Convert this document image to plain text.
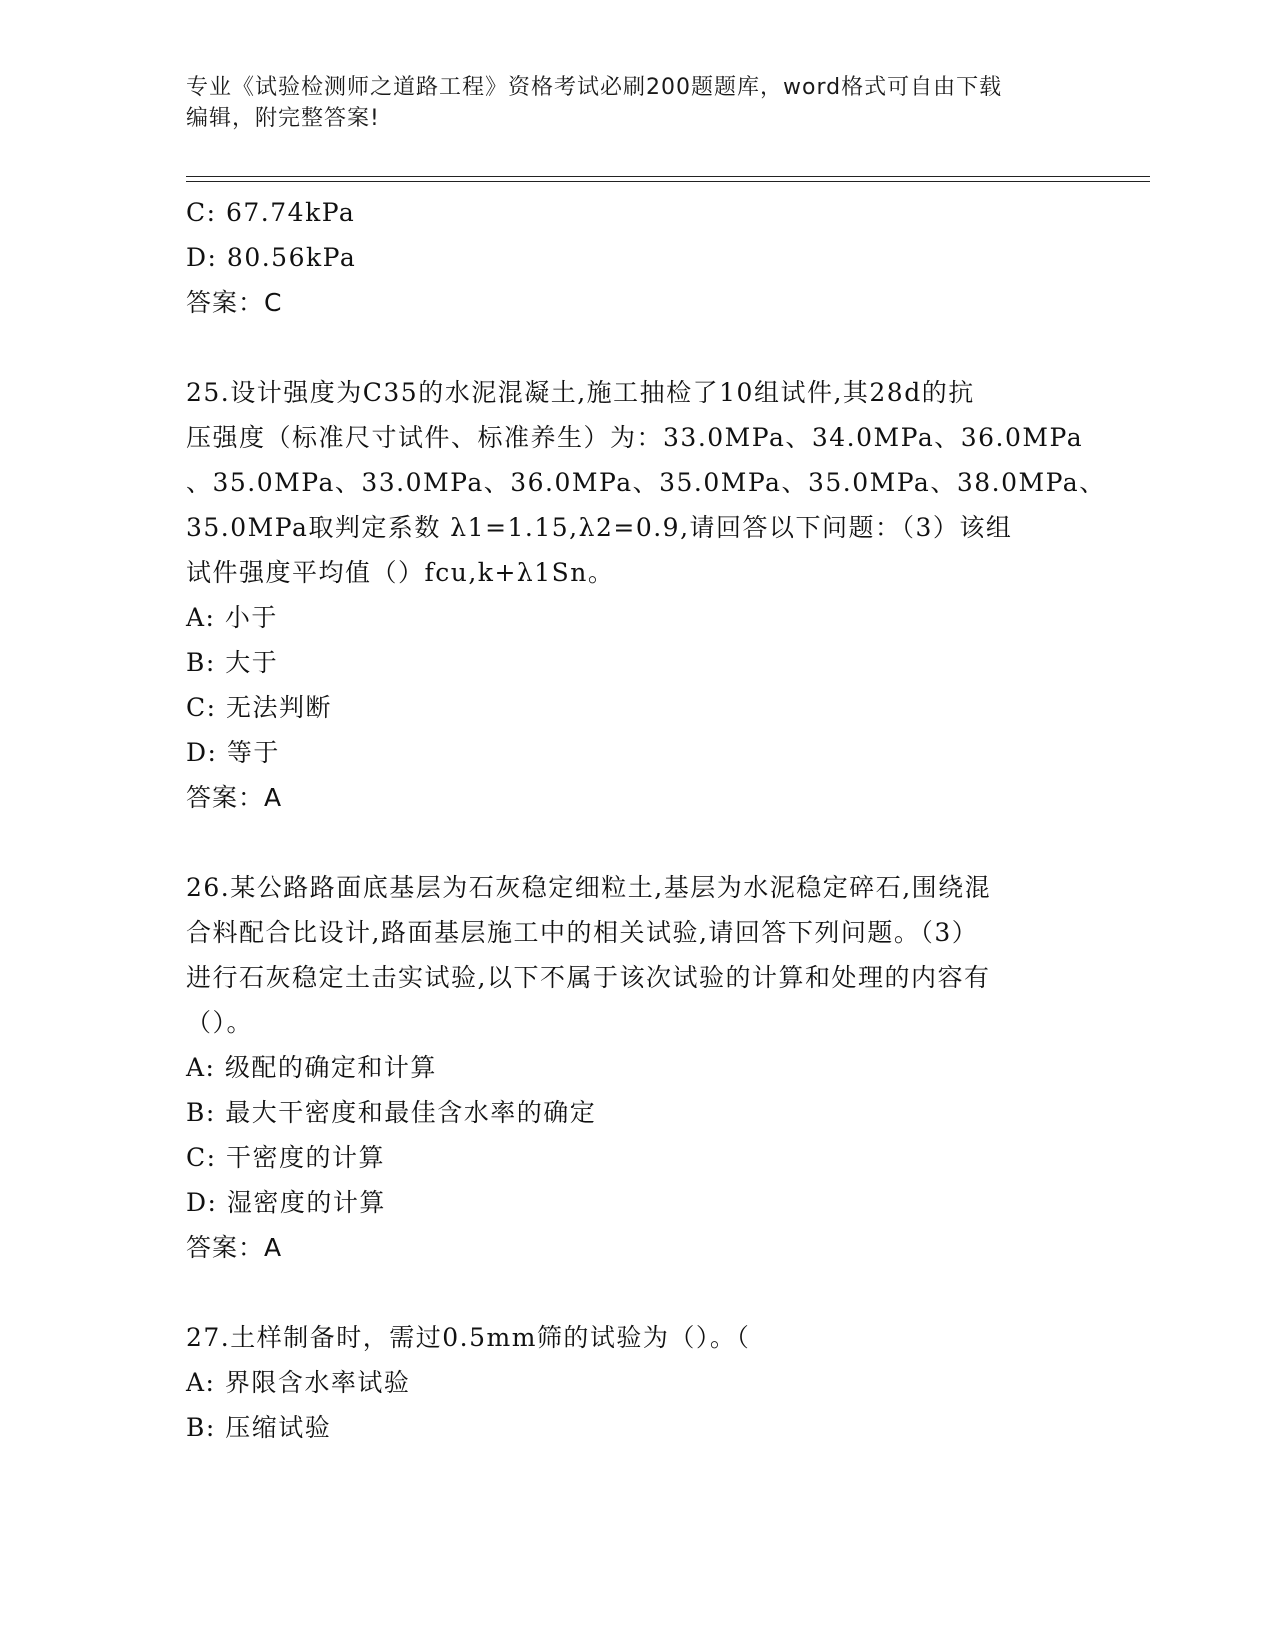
专业《试验检测师之道路工程》资格考试必刷200题题库，word格式可自由下载
编辑，附完整答案!
C: 67.74kPa
D: 80.56kPa
答案：C
25.设计强度为C35的水泥混凝土,施工抽检了10组试件,其28d的抗
压强度（标准尺寸试件、标准养生）为：33.0MPa、34.0MPa、36.0MPa
、35.0MPa、33.0MPa、36.0MPa、35.0MPa、35.0MPa、38.0MPa、
35.0MPa取判定系数 λ1=1.15,λ2=0.9,请回答以下问题：（3）该组
试件强度平均值（）fcu,k+λ1Sn。
A: 小于
B: 大于
C: 无法判断
D: 等于
答案：A
26.某公路路面底基层为石灰稳定细粒土,基层为水泥稳定碎石,围绕混
合料配合比设计,路面基层施工中的相关试验,请回答下列问题。（3）
进行石灰稳定土击实试验,以下不属于该次试验的计算和处理的内容有
（）。
A: 级配的确定和计算
B: 最大干密度和最佳含水率的确定
C: 干密度的计算
D: 湿密度的计算
答案：A
27.土样制备时，需过0.5mm筛的试验为（）。（
A: 界限含水率试验
B: 压缩试验
